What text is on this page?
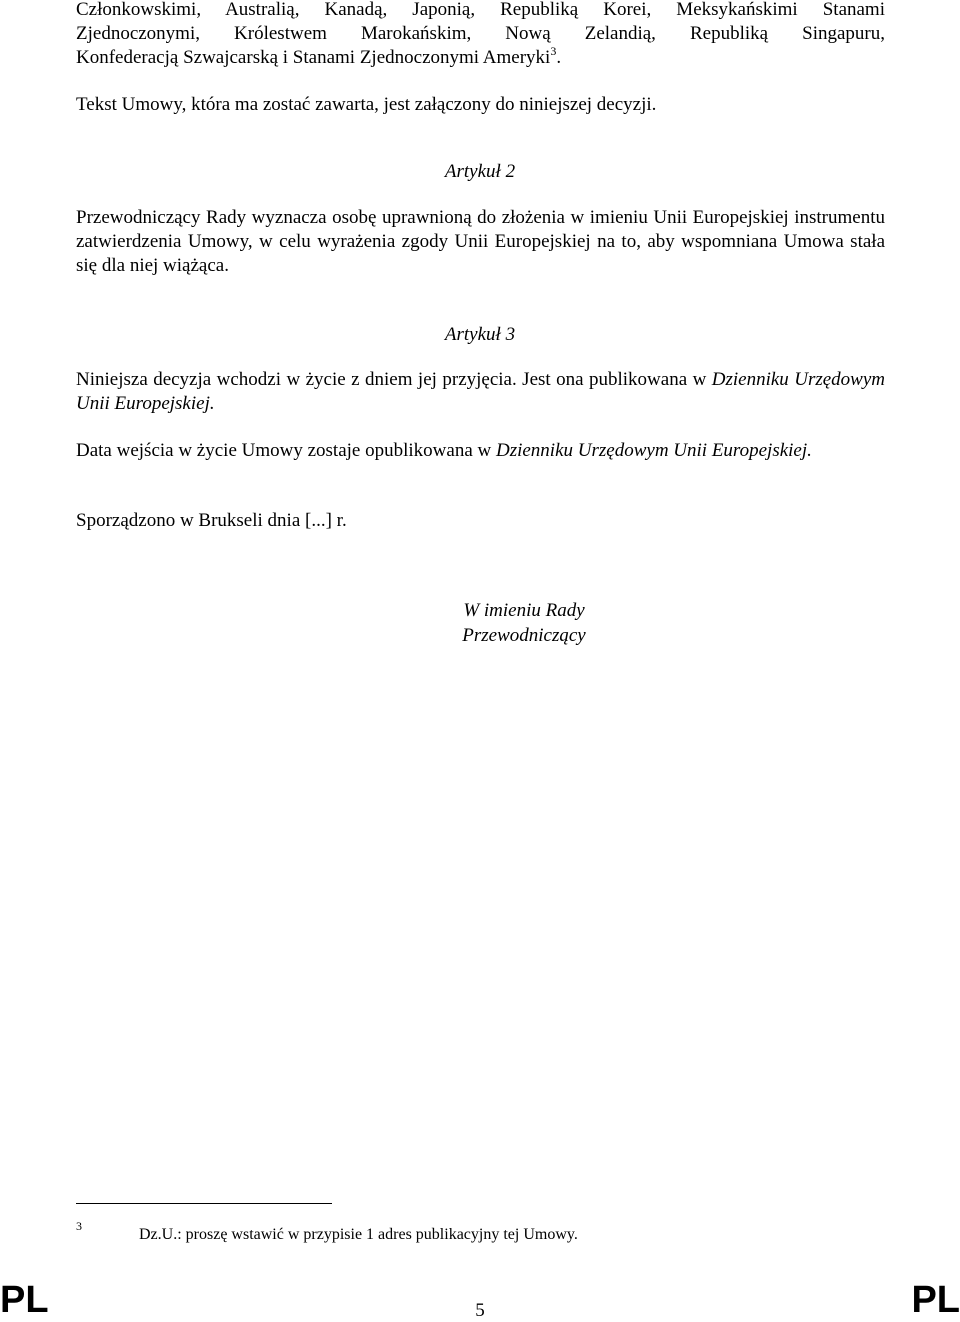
Członkowskimi, Australią, Kanadą, Japonią, Republiką Korei, Meksykańskimi Stanami
Zjednoczonymi, Królestwem Marokańskim, Nową Zelandią, Republiką Singapuru,
Konfederacją Szwajcarską i Stanami Zjednoczonymi Ameryki$^3$.

Tekst Umowy, która ma zostać zawarta, jest załączony do niniejszej decyzji.

Artykuł 2

Przewodniczący Rady wyznacza osobę uprawnioną do złożenia w imieniu Unii Europejskiej instrumentu zatwierdzenia Umowy, w celu wyrażenia zgody Unii Europejskiej na to, aby wspomniana Umowa stała się dla niej wiążąca.

Artykuł 3

Niniejsza decyzja wchodzi w życie z dniem jej przyjęcia. Jest ona publikowana w Dzienniku Urzędowym Unii Europejskiej.

Data wejścia w życie Umowy zostaje opublikowana w Dzienniku Urzędowym Unii Europejskiej.

Sporządzono w Brukseli dnia [...] r.

W imieniu Rady
Przewodniczący
3	Dz.U.: proszę wstawić w przypisie 1 adres publikacyjny tej Umowy.
PL	5	PL
